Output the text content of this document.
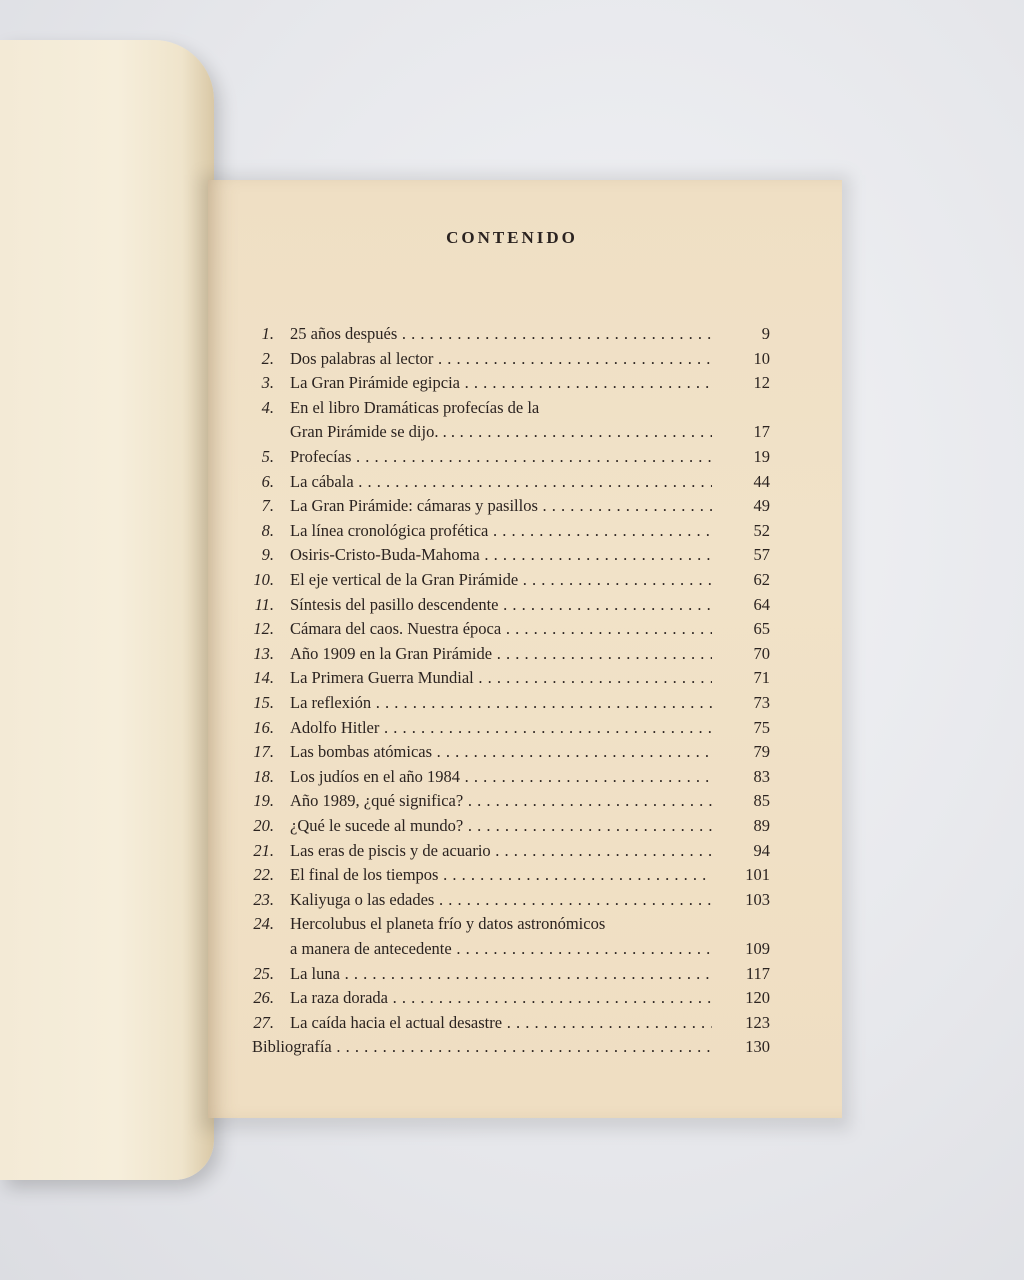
CONTENIDO
1. 25 años después . . .	9
2. Dos palabras al lector . . .	10
3. La Gran Pirámide egipcia . . .	12
4. En el libro Dramáticas profecías de la
Gran Pirámide se dijo. . . . . .	17
5. Profecías . . .	19
6. La cábala . . .	44
7. La Gran Pirámide: cámaras y pasillos . . .	49
8. La línea cronológica profética . . .	52
9. Osiris-Cristo-Buda-Mahoma . . .	57
10. El eje vertical de la Gran Pirámide . . .	62
11. Síntesis del pasillo descendente . . .	64
12. Cámara del caos. Nuestra época . . .	65
13. Año 1909 en la Gran Pirámide . . .	70
14. La Primera Guerra Mundial . . .	71
15. La reflexión . . .	73
16. Adolfo Hitler . . .	75
17. Las bombas atómicas . . .	79
18. Los judíos en el año 1984 . . .	83
19. Año 1989, ¿qué significa? . . .	85
20. ¿Qué le sucede al mundo? . . .	89
21. Las eras de piscis y de acuario . . .	94
22. El final de los tiempos . . .	101
23. Kaliyuga o las edades . . .	103
24. Hercolubus el planeta frío y datos astronómicos
a manera de antecedente . . .	109
25. La luna . . .	117
26. La raza dorada . . .	120
27. La caída hacia el actual desastre . . .	123
Bibliografía . . .	130
